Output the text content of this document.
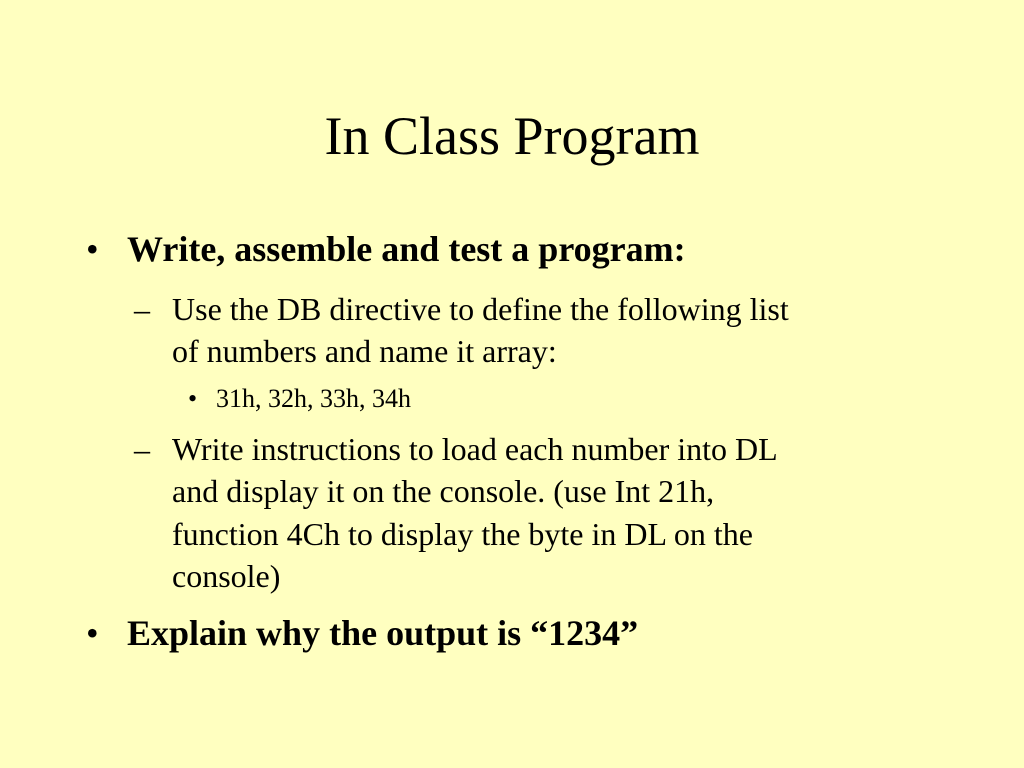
In Class Program
• Write, assemble and test a program:
– Use the DB directive to define the following list
of numbers and name it array:
• 31h, 32h, 33h, 34h
– Write instructions to load each number into DL
and display it on the console. (use Int 21h,
function 4Ch to display the byte in DL on the
console)
• Explain why the output is “1234”
